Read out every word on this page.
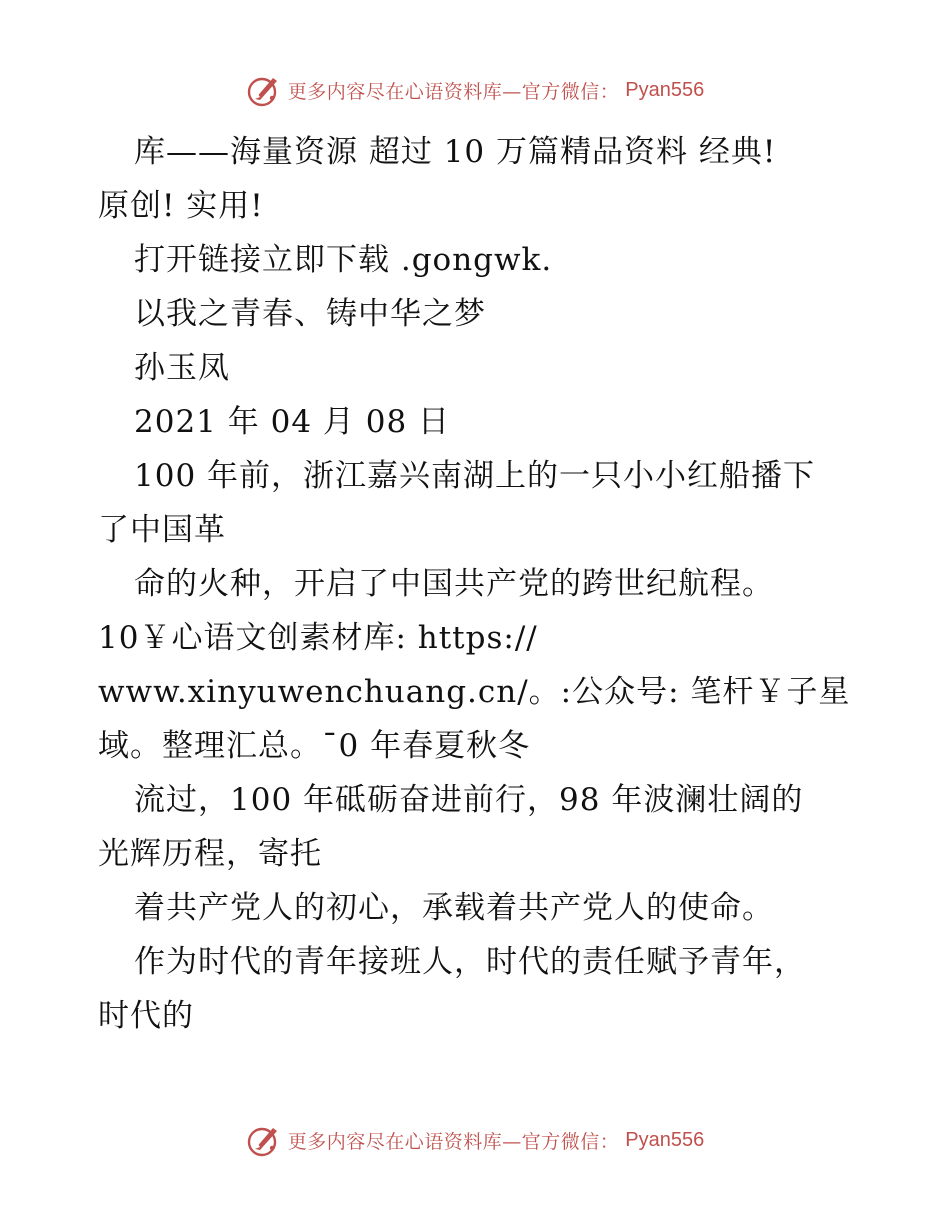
更多内容尽在心语资料库—官方微信： Pyan556
库——海量资源 超过 10 万篇精品资料 经典!
原创! 实用!
打开链接立即下载 .gongwk.
以我之青春、铸中华之梦
孙玉凤
2021 年 04 月 08 日
100 年前，浙江嘉兴南湖上的一只小小红船播下
了中国革
命的火种，开启了中国共产党的跨世纪航程。
10￥心语文创素材库: https://
www.xinyuwenchuang.cn/。:公众号: 笔杆￥子星
域。整理汇总。¯0 年春夏秋冬
流过，100 年砥砺奋进前行，98 年波澜壮阔的
光辉历程，寄托
着共产党人的初心，承载着共产党人的使命。
作为时代的青年接班人，时代的责任赋予青年，
时代的
更多内容尽在心语资料库—官方微信： Pyan556
